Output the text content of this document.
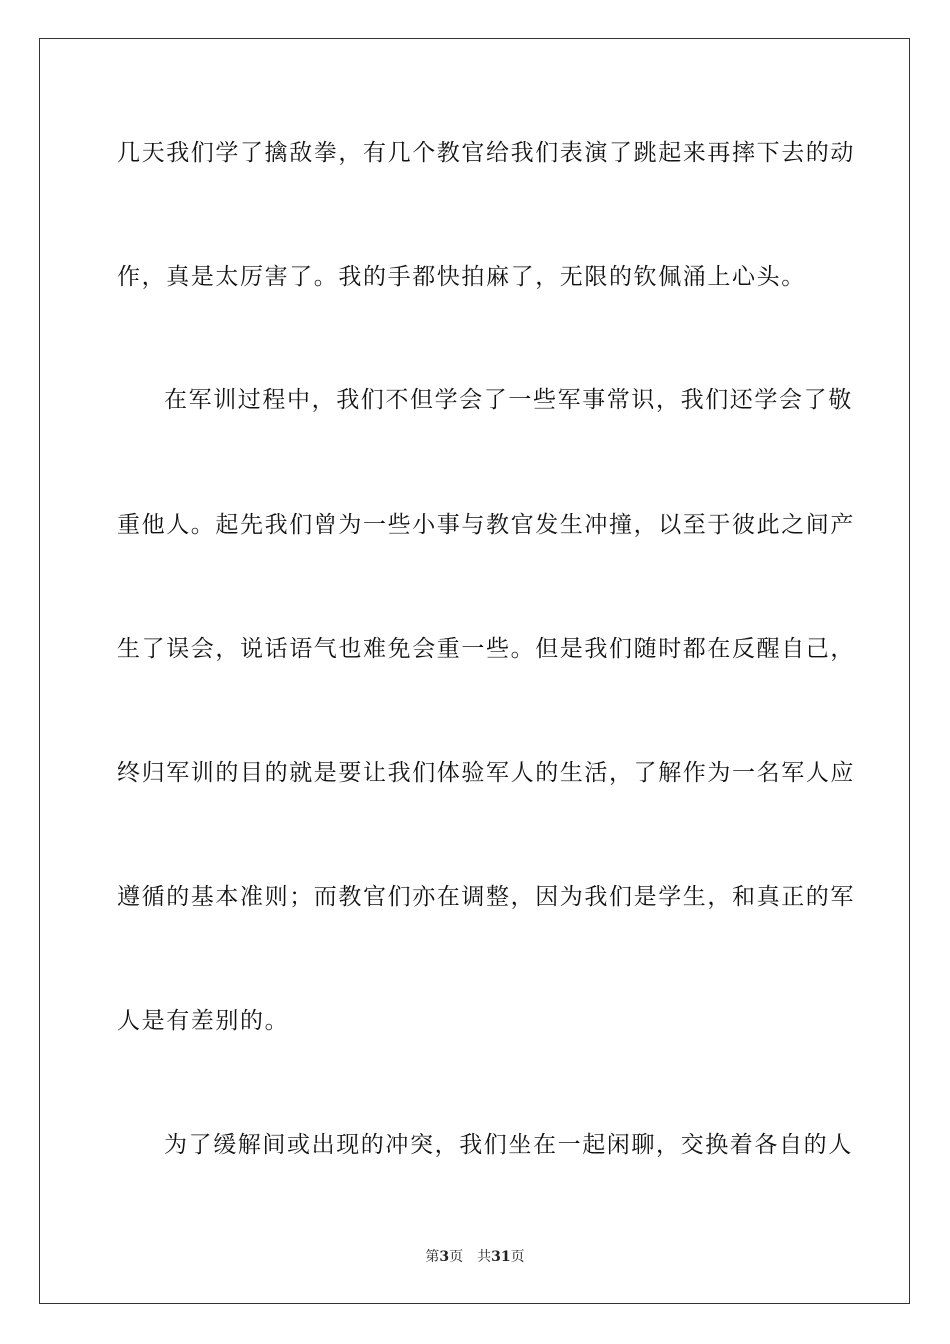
几天我们学了擒敌拳，有几个教官给我们表演了跳起来再摔下去的动
作，真是太厉害了。我的手都快拍麻了，无限的钦佩涌上心头。
在军训过程中，我们不但学会了一些军事常识，我们还学会了敬
重他人。起先我们曾为一些小事与教官发生冲撞，以至于彼此之间产
生了误会，说话语气也难免会重一些。但是我们随时都在反醒自己，
终归军训的目的就是要让我们体验军人的生活，了解作为一名军人应
遵循的基本准则；而教官们亦在调整，因为我们是学生，和真正的军
人是有差别的。
为了缓解间或出现的冲突，我们坐在一起闲聊，交换着各自的人
第3页 共31页
